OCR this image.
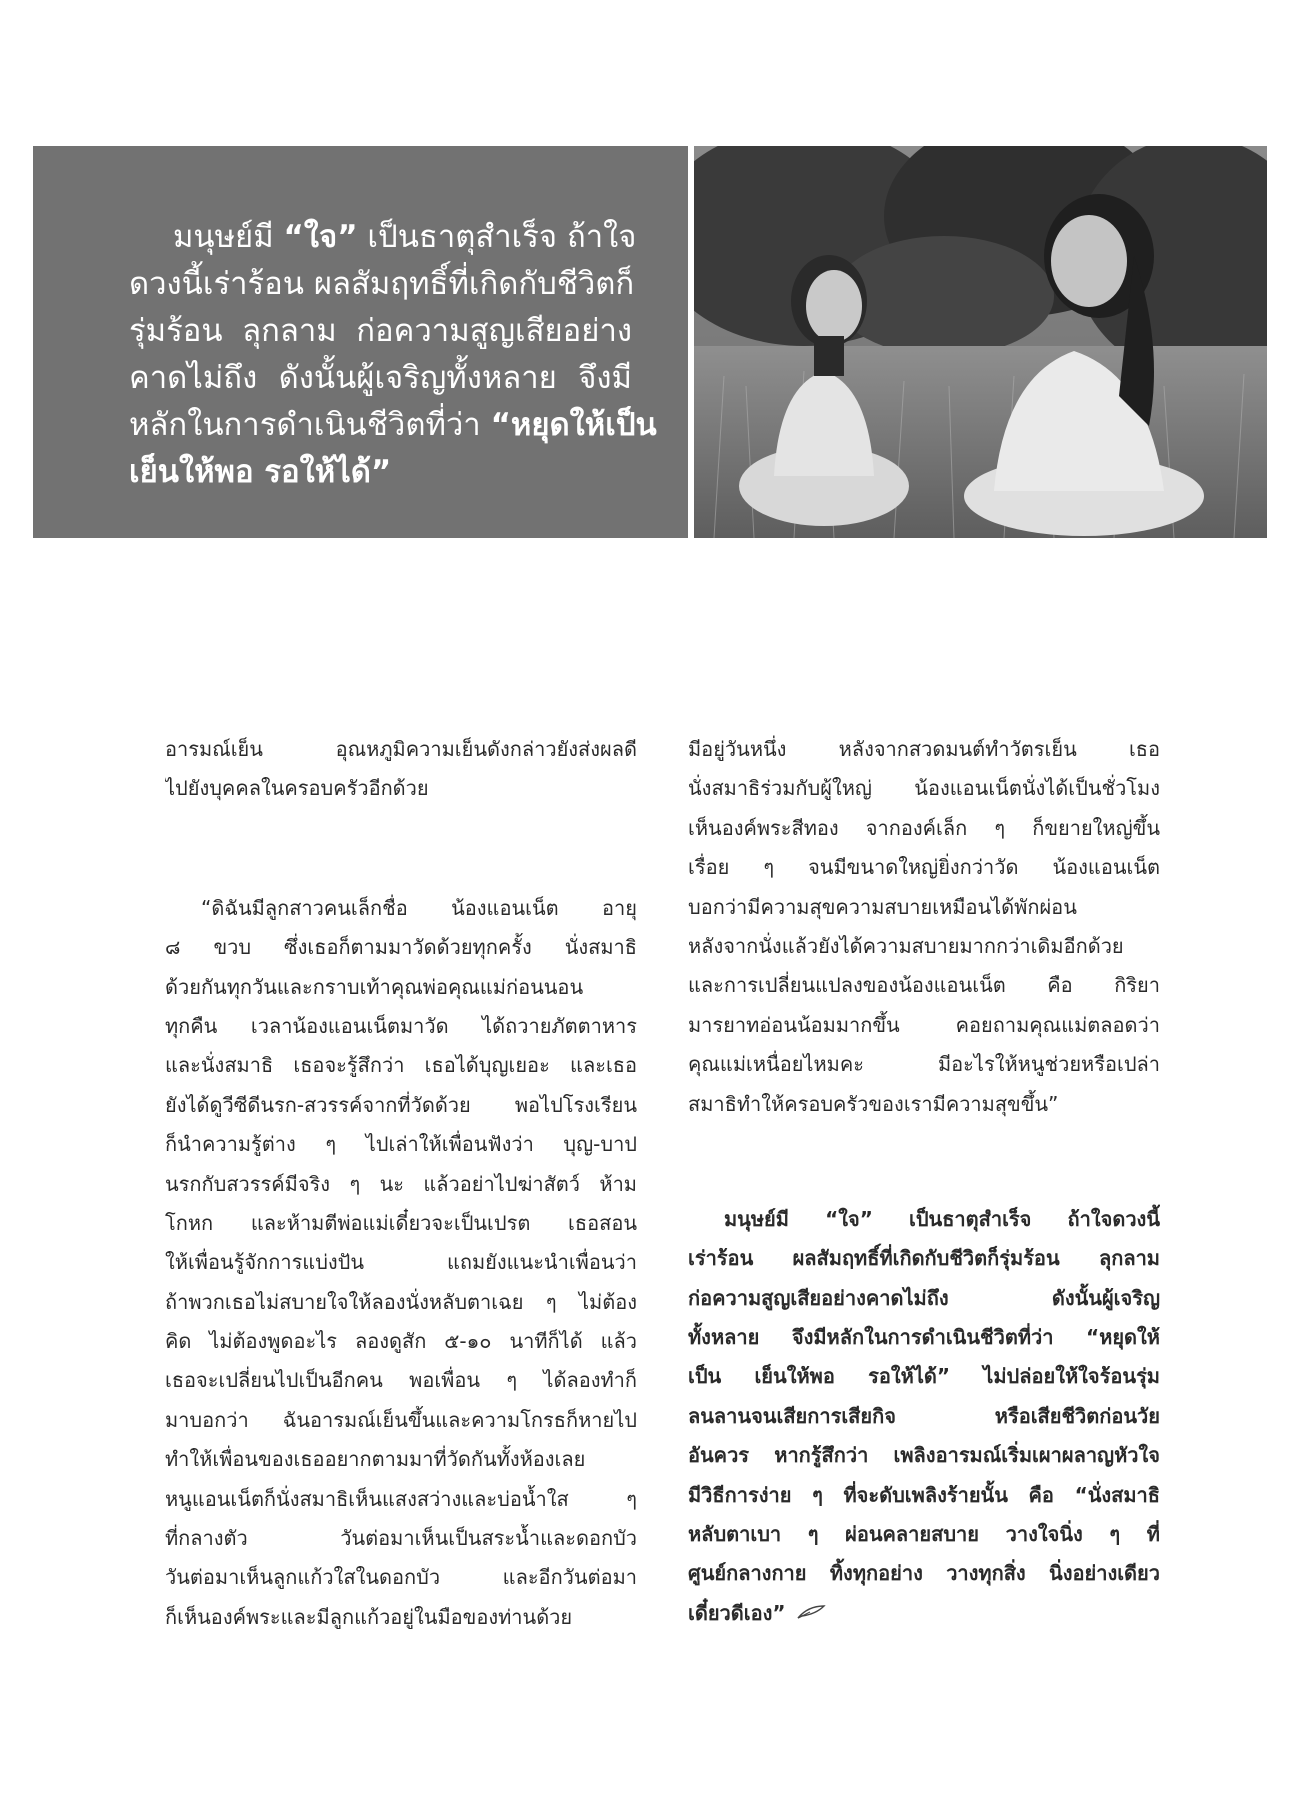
มนุษย์มี “ใจ” เป็นธาตุสำเร็จ ถ้าใจ
ดวงนี้เร่าร้อน ผลสัมฤทธิ์ที่เกิดกับชีวิตก็
รุ่มร้อน ลุกลาม ก่อความสูญเสียอย่าง
คาดไม่ถึง ดังนั้นผู้เจริญทั้งหลาย จึงมี
หลักในการดำเนินชีวิตที่ว่า “หยุดให้เป็น
เย็นให้พอ รอให้ได้”
อารมณ์เย็น อุณหภูมิความเย็นดังกล่าวยังส่งผลดี
ไปยังบุคคลในครอบครัวอีกด้วย
“ดิฉันมีลูกสาวคนเล็กชื่อ น้องแอนเน็ต อายุ
๘ ขวบ ซึ่งเธอก็ตามมาวัดด้วยทุกครั้ง นั่งสมาธิ
ด้วยกันทุกวันและกราบเท้าคุณพ่อคุณแม่ก่อนนอน
ทุกคืน เวลาน้องแอนเน็ตมาวัด ได้ถวายภัตตาหาร
และนั่งสมาธิ เธอจะรู้สึกว่า เธอได้บุญเยอะ และเธอ
ยังได้ดูวีซีดีนรก-สวรรค์จากที่วัดด้วย พอไปโรงเรียน
ก็นำความรู้ต่าง ๆ ไปเล่าให้เพื่อนฟังว่า บุญ-บาป
นรกกับสวรรค์มีจริง ๆ นะ แล้วอย่าไปฆ่าสัตว์ ห้าม
โกหก และห้ามตีพ่อแม่เดี๋ยวจะเป็นเปรต เธอสอน
ให้เพื่อนรู้จักการแบ่งปัน แถมยังแนะนำเพื่อนว่า
ถ้าพวกเธอไม่สบายใจให้ลองนั่งหลับตาเฉย ๆ ไม่ต้อง
คิด ไม่ต้องพูดอะไร ลองดูสัก ๕-๑๐ นาทีก็ได้ แล้ว
เธอจะเปลี่ยนไปเป็นอีกคน พอเพื่อน ๆ ได้ลองทำก็
มาบอกว่า ฉันอารมณ์เย็นขึ้นและความโกรธก็หายไป
ทำให้เพื่อนของเธออยากตามมาที่วัดกันทั้งห้องเลย
หนูแอนเน็ตก็นั่งสมาธิเห็นแสงสว่างและบ่อน้ำใส ๆ
ที่กลางตัว วันต่อมาเห็นเป็นสระน้ำและดอกบัว
วันต่อมาเห็นลูกแก้วใสในดอกบัว และอีกวันต่อมา
ก็เห็นองค์พระและมีลูกแก้วอยู่ในมือของท่านด้วย
มีอยู่วันหนึ่ง หลังจากสวดมนต์ทำวัตรเย็น เธอ
นั่งสมาธิร่วมกับผู้ใหญ่ น้องแอนเน็ตนั่งได้เป็นชั่วโมง
เห็นองค์พระสีทอง จากองค์เล็ก ๆ ก็ขยายใหญ่ขึ้น
เรื่อย ๆ จนมีขนาดใหญ่ยิ่งกว่าวัด น้องแอนเน็ต
บอกว่ามีความสุขความสบายเหมือนได้พักผ่อน
หลังจากนั่งแล้วยังได้ความสบายมากกว่าเดิมอีกด้วย
และการเปลี่ยนแปลงของน้องแอนเน็ต คือ กิริยา
มารยาทอ่อนน้อมมากขึ้น คอยถามคุณแม่ตลอดว่า
คุณแม่เหนื่อยไหมคะ มีอะไรให้หนูช่วยหรือเปล่า
สมาธิทำให้ครอบครัวของเรามีความสุขขึ้น”
มนุษย์มี “ใจ” เป็นธาตุสำเร็จ ถ้าใจดวงนี้
เร่าร้อน ผลสัมฤทธิ์ที่เกิดกับชีวิตก็รุ่มร้อน ลุกลาม
ก่อความสูญเสียอย่างคาดไม่ถึง ดังนั้นผู้เจริญ
ทั้งหลาย จึงมีหลักในการดำเนินชีวิตที่ว่า “หยุดให้
เป็น เย็นให้พอ รอให้ได้” ไม่ปล่อยให้ใจร้อนรุ่ม
ลนลานจนเสียการเสียกิจ หรือเสียชีวิตก่อนวัย
อันควร หากรู้สึกว่า เพลิงอารมณ์เริ่มเผาผลาญหัวใจ
มีวิธีการง่าย ๆ ที่จะดับเพลิงร้ายนั้น คือ “นั่งสมาธิ
หลับตาเบา ๆ ผ่อนคลายสบาย วางใจนิ่ง ๆ ที่
ศูนย์กลางกาย ทิ้งทุกอย่าง วางทุกสิ่ง นิ่งอย่างเดียว
เดี๋ยวดีเอง”
